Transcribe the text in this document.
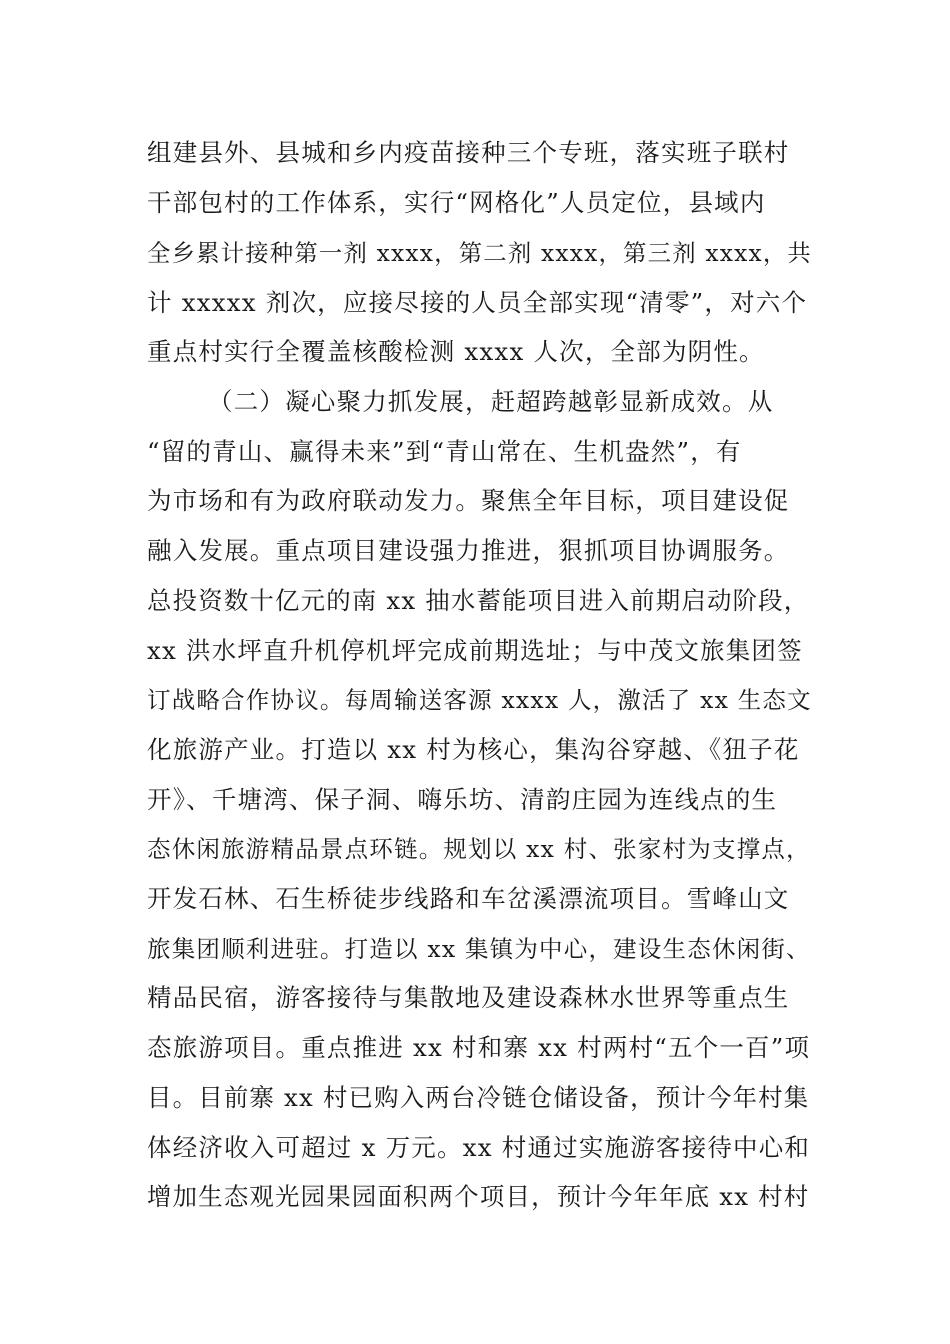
组建县外、县城和乡内疫苗接种三个专班，落实班子联村
干部包村的工作体系，实行“网格化”人员定位，县域内
全乡累计接种第一剂 xxxx，第二剂 xxxx，第三剂 xxxx，共
计 xxxxx 剂次，应接尽接的人员全部实现“清零”，对六个
重点村实行全覆盖核酸检测 xxxx 人次，全部为阴性。
（二）凝心聚力抓发展，赶超跨越彰显新成效。从
“留的青山、赢得未来”到“青山常在、生机盎然”，有
为市场和有为政府联动发力。聚焦全年目标，项目建设促
融入发展。重点项目建设强力推进，狠抓项目协调服务。
总投资数十亿元的南 xx 抽水蓄能项目进入前期启动阶段，
xx 洪水坪直升机停机坪完成前期选址；与中茂文旅集团签
订战略合作协议。每周输送客源 xxxx 人，激活了 xx 生态文
化旅游产业。打造以 xx 村为核心，集沟谷穿越、《狃子花
开》、千塘湾、保子洞、嗨乐坊、清韵庄园为连线点的生
态休闲旅游精品景点环链。规划以 xx 村、张家村为支撑点，
开发石林、石生桥徒步线路和车岔溪漂流项目。雪峰山文
旅集团顺利进驻。打造以 xx 集镇为中心，建设生态休闲街、
精品民宿，游客接待与集散地及建设森林水世界等重点生
态旅游项目。重点推进 xx 村和寨 xx 村两村“五个一百”项
目。目前寨 xx 村已购入两台冷链仓储设备，预计今年村集
体经济收入可超过 x 万元。xx 村通过实施游客接待中心和
增加生态观光园果园面积两个项目，预计今年年底 xx 村村
